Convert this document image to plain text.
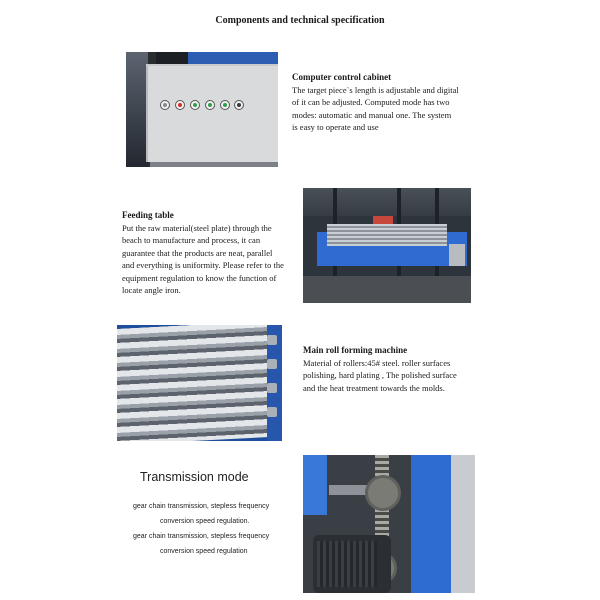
Components and technical specification
Computer control cabinet
The target piece`s length is adjustable and digital
of it can be adjusted. Computed mode has two
modes: automatic and manual one. The system
is easy to operate and use
Feeding table
Put the raw material(steel plate) through the
beach to manufacture and process, it can
guarantee that the products are neat, parallel
and everything is uniformity. Please refer to the
equipment regulation to know the function of
locate angle iron.
Main roll forming machine
Material of rollers:45# steel. roller surfaces
polishing, hard plating , The polished surface
and the heat treatment towards the molds.
Transmission mode
gear chain transmission, stepless frequency
conversion speed regulation.
gear chain transmission, stepless frequency
conversion speed regulation
